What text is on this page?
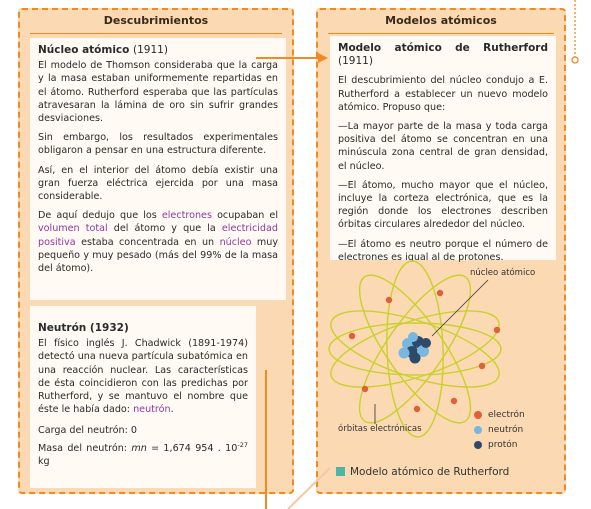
Descubrimientos

Núcleo atómico (1911)

El modelo de Thomson consideraba que la carga y la masa estaban uniformemente repartidas en el átomo. Rutherford esperaba que las partículas atravesaran la lámina de oro sin sufrir grandes desviaciones.

Sin embargo, los resultados experimentales obligaron a pensar en una estructura diferente.

Así, en el interior del átomo debía existir una gran fuerza eléctrica ejercida por una masa considerable.

De aquí dedujo que los electrones ocupaban el volumen total del átomo y que la electricidad positiva estaba concentrada en un núcleo muy pequeño y muy pesado (más del 99% de la masa del átomo).

Neutrón (1932)

El físico inglés J. Chadwick (1891-1974) detectó una nueva partícula subatómica en una reacción nuclear. Las características de ésta coincidieron con las predichas por Rutherford, y se mantuvo el nombre que éste le había dado: neutrón.

Carga del neutrón: 0

Masa del neutrón: mn = 1,674 954 . $10^{-27}$ kg

Modelos atómicos

Modelo atómico de Rutherford (1911)

El descubrimiento del núcleo condujo a E. Rutherford a establecer un nuevo modelo atómico. Propuso que:

—La mayor parte de la masa y toda carga positiva del átomo se concentran en una minúscula zona central de gran densidad, el núcleo.

—El átomo, mucho mayor que el núcleo, incluye la corteza electrónica, que es la región donde los electrones describen órbitas circulares alrededor del núcleo.

—El átomo es neutro porque el número de electrones es igual al de protones.

núcleo atómico
órbitas electrónicas
electrón
neutrón
protón
Modelo atómico de Rutherford
